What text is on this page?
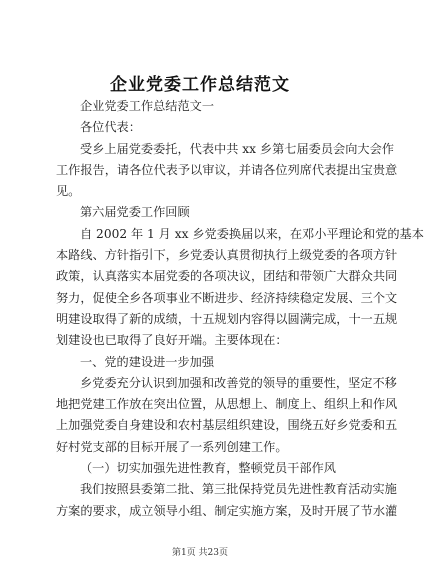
企业党委工作总结范文
企业党委工作总结范文一
各位代表：
受乡上届党委委托，代表中共 xx 乡第七届委员会向大会作
工作报告，请各位代表予以审议，并请各位列席代表提出宝贵意
见。
第六届党委工作回顾
自 2002 年 1 月 xx 乡党委换届以来，在邓小平理论和党的基本
本路线、方针指引下，乡党委认真贯彻执行上级党委的各项方针
政策，认真落实本届党委的各项决议，团结和带领广大群众共同
努力，促使全乡各项事业不断进步、经济持续稳定发展、三个文
明建设取得了新的成绩，十五规划内容得以圆满完成，十一五规
划建设也已取得了良好开端。主要体现在：
一、党的建设进一步加强
乡党委充分认识到加强和改善党的领导的重要性，坚定不移
地把党建工作放在突出位置，从思想上、制度上、组织上和作风
上加强党委自身建设和农村基层组织建设，围绕五好乡党委和五
好村党支部的目标开展了一系列创建工作。
（一）切实加强先进性教育，整顿党员干部作风
我们按照县委第二批、第三批保持党员先进性教育活动实施
方案的要求，成立领导小组、制定实施方案，及时开展了节水灌
第1页 共23页
